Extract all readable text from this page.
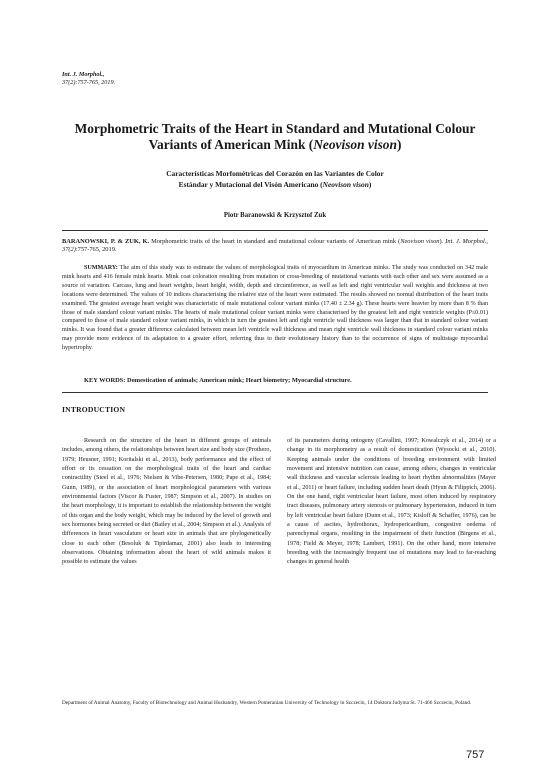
Int. J. Morphol.,
37(2):757-765, 2019.
Morphometric Traits of the Heart in Standard and Mutational Colour Variants of American Mink (Neovison vison)
Características Morfométricas del Corazón en las Variantes de Color
Estándar y Mutacional del Visón Americano (Neovison vison)
Piotr Baranowski & Krzysztof Zuk
BARANOWSKI, P. & ZUK, K. Morphometric traits of the heart in standard and mutational colour variants of American mink (Neovison vison). Int. J. Morphol., 37(2):757-765, 2019.
SUMMARY: The aim of this study was to estimate the values of morphological traits of myocardium in American minks. The study was conducted on 342 male mink hearts and 416 female mink hearts. Mink coat coloration resulting from mutation or cross-breeding of mutational variants with each other and sex were assumed as a source of variation. Carcass, lung and heart weights, heart height, width, depth and circumference, as well as left and right ventricular wall weights and thickness at two locations were determined. The values of 10 indices characterising the relative size of the heart were estimated. The results showed no normal distribution of the heart traits examined. The greatest average heart weight was characteristic of male mutational colour variant minks (17.40 ± 2.34 g). These hearts were heavier by more than 8 % than those of male standard colour variant minks. The hearts of male mutational colour variant minks were characterised by the greatest left and right ventricle weights (P≤0.01) compared to those of male standard colour variant minks, in which in turn the greatest left and right ventricle wall thickness was larger than that in standard colour variant minks. It was found that a greater difference calculated between mean left ventricle wall thickness and mean right ventricle wall thickness in standard colour variant minks may provide more evidence of its adaptation to a greater effort, referring thus to their evolutionary history than to the occurrence of signs of multistage myocardial hypertrophy.
KEY WORDS: Domestication of animals; American mink; Heart biometry; Myocardial structure.
INTRODUCTION

Research on the structure of the heart in different groups of animals includes, among others, the relationships between heart size and body size (Prothero, 1979; Heusner, 1991; Koritalski et al., 2013), body performance and the effect of effort or its cessation on the morphological traits of the heart and cardiac contractility (Steel et al., 1976; Nielsen & Vibe-Petersen, 1980; Pape et al., 1984; Gunn, 1989), or the association of heart morphological parameters with various environmental factors (Viscor & Fuster, 1987; Simpson et al., 2007). In studies on the heart morphology, it is important to establish the relationship between the weight of this organ and the body weight, which may be induced by the level of growth and sex hormones being secreted or diet (Bailey et al., 2004; Simpson et al.). Analysis of differences in heart vasculature or heart size in animals that are phylogenetically close to each other (Besoluk & Tipirdamaz, 2001) also leads to interesting observations. Obtaining information about the heart of wild animals makes it possible to estimate the values

of its parameters during ontogeny (Cavallini, 1997; Kowalczyk et al., 2014) or a change in its morphometry as a result of domestication (Wysocki et al., 2010). Keeping animals under the conditions of breeding environment with limited movement and intensive nutrition can cause, among others, changes in ventricular wall thickness and vascular sclerosis leading to heart rhythm abnormalities (Mayer et al., 2011) or heart failure, including sudden heart death (Hyun & Filippich, 2006). On the one hand, right ventricular heart failure, most often induced by respiratory tract diseases, pulmonary artery stenosis or pulmonary hypertension, induced in turn by left ventricular heart failure (Dunn et al., 1973; Kisloff & Schaffer, 1976), can be a cause of ascites, hydrothorax, hydropericardium, congestive oedema of parenchymal organs, resulting in the impairment of their function (Birgens et al., 1978; Field & Meyer, 1978; Lambert, 1991). On the other hand, more intensive breeding with the increasingly frequent use of mutations may lead to far-reaching changes in general health

Department of Animal Anatomy, Faculty of Biotechnology and Animal Husbandry, Western Pomeranian University of Technology in Szczecin, 14 Doktora Judyma St. 71-466 Szczecin, Poland.
757
